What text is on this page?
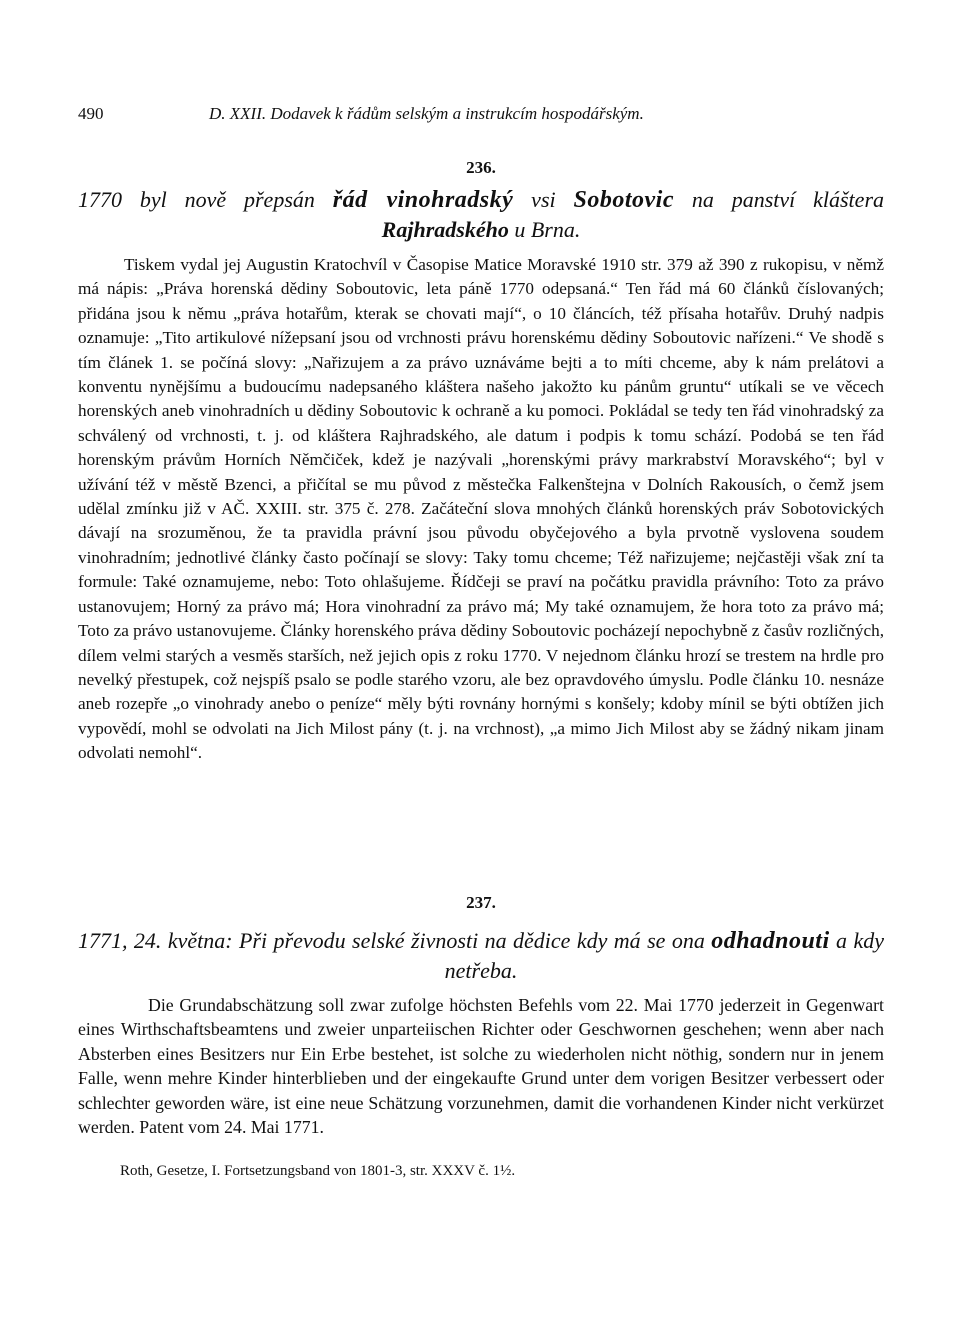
490	D. XXII. Dodavek k řádům selským a instrukcím hospodářským.
236.
1770 byl nově přepsán řád vinohradský vsi Sobotovic na panství kláštera Rajhradského u Brna.

Tiskem vydal jej Augustin Kratochvíl v Časopise Matice Moravské 1910 str. 379 až 390 z rukopisu, v němž má nápis: „Práva horenská dědiny Soboutovic, leta páně 1770 odepsaná.“ Ten řád má 60 článků číslovaných; přidána jsou k němu „práva hotařům, kterak se chovati mají“, o 10 článcích, též přísaha hotařův. Druhý nadpis oznamuje: „Tito artikulové nížepsaní jsou od vrchnosti právu horenskému dědiny Soboutovic nařízeni.“ Ve shodě s tím článek 1. se počíná slovy: „Nařizujem a za právo uznáváme bejti a to míti chceme, aby k nám prelátovi a konventu nynějšímu a budoucímu nadepsaného kláštera našeho jakožto ku pánům gruntu“ utíkali se ve věcech horenských aneb vinohradních u dědiny Soboutovic k ochraně a ku pomoci. Pokládal se tedy ten řád vinohradský za schválený od vrchnosti, t. j. od kláštera Rajhradského, ale datum i podpis k tomu schází. Podobá se ten řád horenským právům Horních Němčiček, kdež je nazývali „horenskými právy markrabství Moravského“; byl v užívání též v městě Bzenci, a přičítal se mu původ z městečka Falkenštejna v Dolních Rakousích, o čemž jsem udělal zmínku již v AČ. XXIII. str. 375 č. 278. Začáteční slova mnohých článků horenských práv Sobotovických dávají na srozuměnou, že ta pravidla právní jsou původu obyčejového a byla prvotně vyslovena soudem vinohradním; jednotlivé články často počínají se slovy: Taky tomu chceme; Též nařizujeme; nejčastěji však zní ta formule: Také oznamujeme, nebo: Toto ohlašujeme. Řídčeji se praví na počátku pravidla právního: Toto za právo ustanovujem; Horný za právo má; Hora vinohradní za právo má; My také oznamujem, že hora toto za právo má; Toto za právo ustanovujeme. Články horenského práva dědiny Soboutovic pocházejí nepochybně z časův rozličných, dílem velmi starých a vesměs starších, než jejich opis z roku 1770. V nejednom článku hrozí se trestem na hrdle pro nevelký přestupek, což nejspíš psalo se podle starého vzoru, ale bez opravdového úmyslu. Podle článku 10. nesnáze aneb rozepře „o vinohrady anebo o peníze“ měly býti rovnány hornými s konšely; kdoby mínil se býti obtížen jich vypovědí, mohl se odvolati na Jich Milost pány (t. j. na vrchnost), „a mimo Jich Milost aby se žádný nikam jinam odvolati nemohl“.

237.
1771, 24. května: Při převodu selské živnosti na dědice kdy má se ona odhadnouti a kdy netřeba.

Die Grundabschätzung soll zwar zufolge höchsten Befehls vom 22. Mai 1770 jederzeit in Gegenwart eines Wirthschaftsbeamtens und zweier unparteiischen Richter oder Geschwornen geschehen; wenn aber nach Absterben eines Besitzers nur Ein Erbe bestehet, ist solche zu wiederholen nicht nöthig, sondern nur in jenem Falle, wenn mehre Kinder hinterblieben und der eingekaufte Grund unter dem vorigen Besitzer verbessert oder schlechter geworden wäre, ist eine neue Schätzung vorzunehmen, damit die vorhandenen Kinder nicht verkürzet werden. Patent vom 24. Mai 1771.

Roth, Gesetze, I. Fortsetzungsband von 1801-3, str. XXXV č. 1½.
